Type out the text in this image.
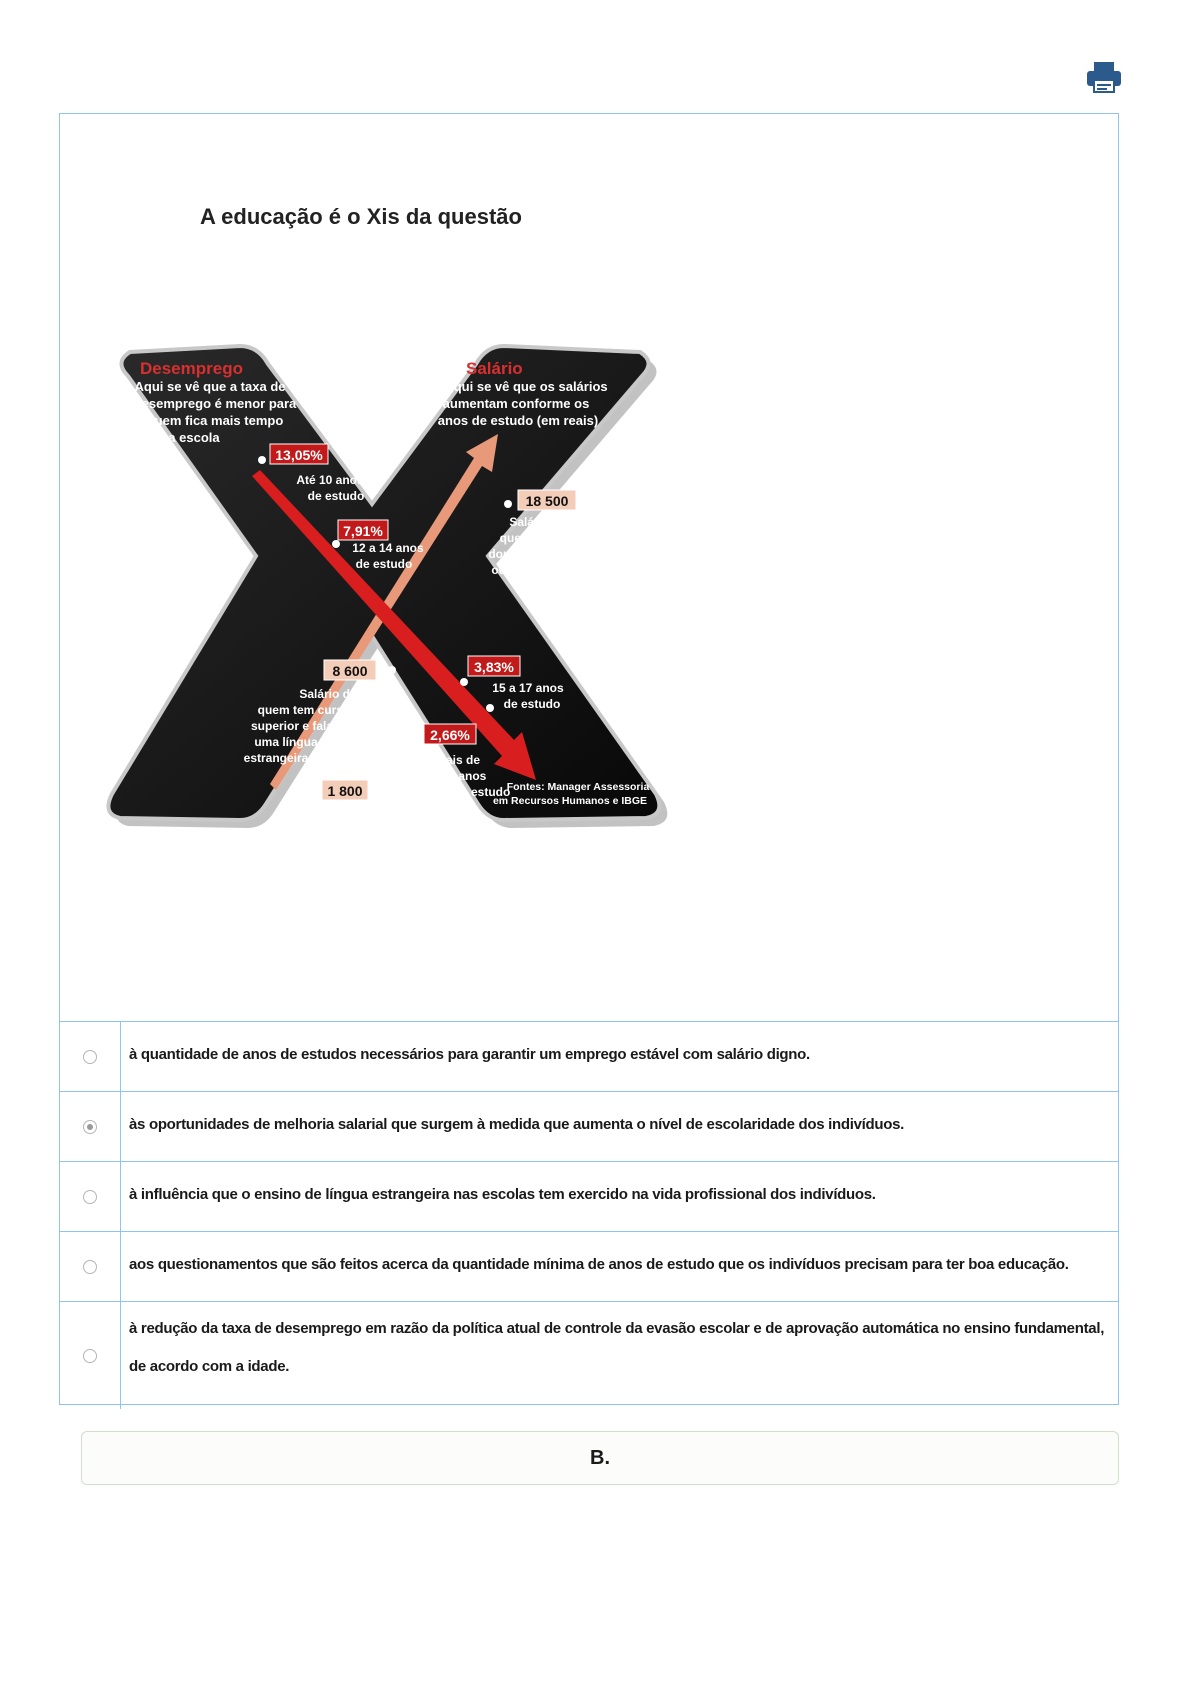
A educação é o Xis da questão
Desemprego
Aqui se vê que a taxa de
desemprego é menor para
quem fica mais tempo
na escola
Salário
Aqui se vê que os salários
aumentam conforme os
anos de estudo (em reais)
13,05%
Até 10 anos
de estudo
7,91%
12 a 14 anos
de estudo
3,83%
15 a 17 anos
de estudo
2,66%
Mais de
17 anos
de estudo
18 500
Salário de
quem tem
doutorado
ou MBA
8 600
Salário de
quem tem curso
superior e fala
uma língua
estrangeira
1 800
Salário de
quem conclui
Fontes: Manager Assessoria
em Recursos Humanos e IBGE
à quantidade de anos de estudos necessários para garantir um emprego estável com salário digno.
às oportunidades de melhoria salarial que surgem à medida que aumenta o nível de escolaridade dos indivíduos.
à influência que o ensino de língua estrangeira nas escolas tem exercido na vida profissional dos indivíduos.
aos questionamentos que são feitos acerca da quantidade mínima de anos de estudo que os indivíduos precisam para ter boa educação.
à redução da taxa de desemprego em razão da política atual de controle da evasão escolar e de aprovação automática no ensino fundamental, de acordo com a idade.
B.
